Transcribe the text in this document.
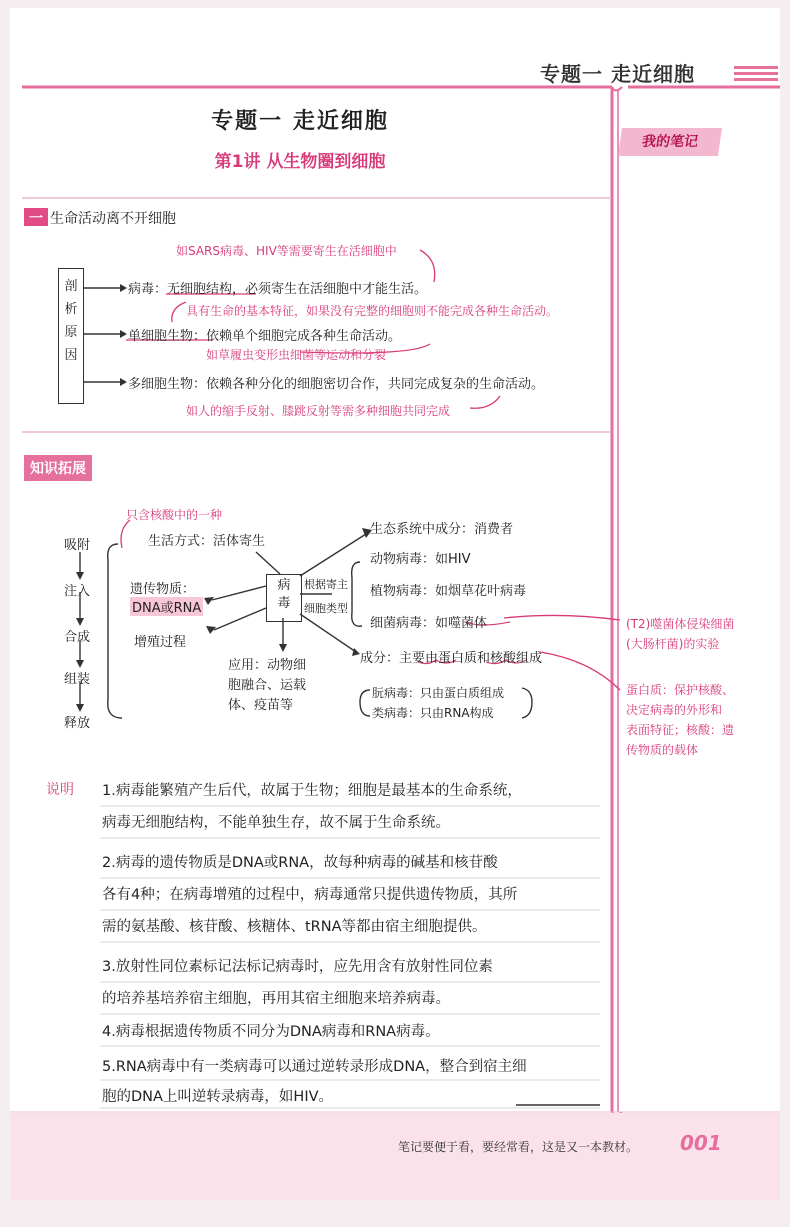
专题一 走近细胞
专题一 走近细胞
第1讲 从生物圈到细胞
我的笔记
一 生命活动离不开细胞
剖析原因
如SARS病毒、HIV等需要寄生在活细胞中
病毒：无细胞结构，必须寄生在活细胞中才能生活。
具有生命的基本特征，如果没有完整的细胞则不能完成各种生命活动。
单细胞生物：依赖单个细胞完成各种生命活动。
如草履虫变形虫细菌等运动和分裂
多细胞生物：依赖各种分化的细胞密切合作，共同完成复杂的生命活动。
如人的缩手反射、膝跳反射等需多种细胞共同完成
知识拓展
只含核酸中的一种
吸附
注入
合成
组装
释放
生活方式：活体寄生
遗传物质：
DNA或RNA
增殖过程
应用：动物细
胞融合、运载
体、疫苗等
病毒
根据寄主
细胞类型
生态系统中成分：消费者
动物病毒：如HIV
植物病毒：如烟草花叶病毒
细菌病毒：如噬菌体
成分：主要由蛋白质和核酸组成
朊病毒：只由蛋白质组成
类病毒：只由RNA构成
(T2)噬菌体侵染细菌
(大肠杆菌)的实验
蛋白质：保护核酸、
决定病毒的外形和
表面特征；核酸：遗
传物质的载体
说明 1.病毒能繁殖产生后代，故属于生物；细胞是最基本的生命系统，
病毒无细胞结构，不能单独生存，故不属于生命系统。
2.病毒的遗传物质是DNA或RNA，故每种病毒的碱基和核苷酸
各有4种；在病毒增殖的过程中，病毒通常只提供遗传物质，其所
需的氨基酸、核苷酸、核糖体、tRNA等都由宿主细胞提供。
3.放射性同位素标记法标记病毒时，应先用含有放射性同位素
的培养基培养宿主细胞，再用其宿主细胞来培养病毒。
4.病毒根据遗传物质不同分为DNA病毒和RNA病毒。
5.RNA病毒中有一类病毒可以通过逆转录形成DNA，整合到宿主细
胞的DNA上叫逆转录病毒，如HIV。
笔记要便于看，要经常看，这是又一本教材。 001
